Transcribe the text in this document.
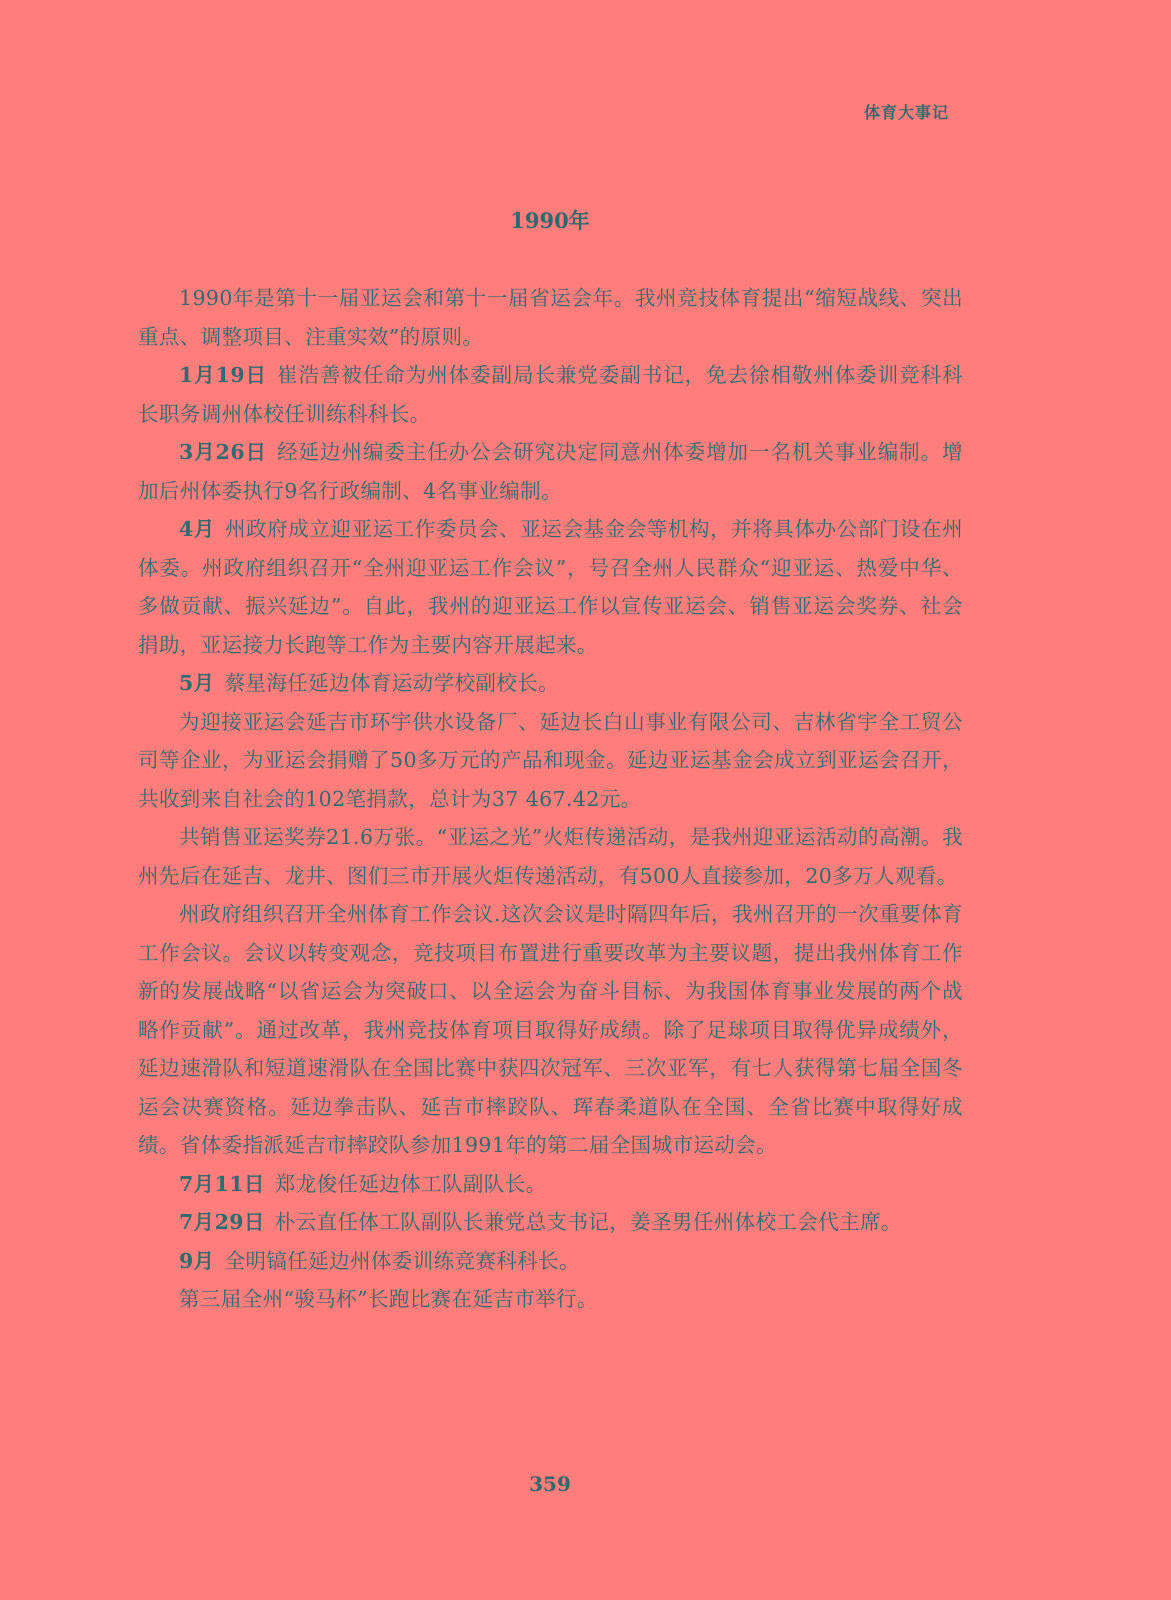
体育大事记
1990年

1990年是第十一届亚运会和第十一届省运会年。我州竞技体育提出“缩短战线、突出重点、调整项目、注重实效”的原则。

1月19日 崔浩善被任命为州体委副局长兼党委副书记，免去徐相敬州体委训竞科科长职务调州体校任训练科科长。

3月26日 经延边州编委主任办公会研究决定同意州体委增加一名机关事业编制。增加后州体委执行9名行政编制、4名事业编制。

4月 州政府成立迎亚运工作委员会、亚运会基金会等机构，并将具体办公部门设在州体委。州政府组织召开“全州迎亚运工作会议”，号召全州人民群众“迎亚运、热爱中华、多做贡献、振兴延边”。自此，我州的迎亚运工作以宣传亚运会、销售亚运会奖券、社会捐助，亚运接力长跑等工作为主要内容开展起来。

5月 蔡星海任延边体育运动学校副校长。

为迎接亚运会延吉市环宇供水设备厂、延边长白山事业有限公司、吉林省宇全工贸公司等企业，为亚运会捐赠了50多万元的产品和现金。延边亚运基金会成立到亚运会召开，共收到来自社会的102笔捐款，总计为37 467.42元。

共销售亚运奖券21.6万张。“亚运之光”火炬传递活动，是我州迎亚运活动的高潮。我州先后在延吉、龙井、图们三市开展火炬传递活动，有500人直接参加，20多万人观看。

州政府组织召开全州体育工作会议.这次会议是时隔四年后，我州召开的一次重要体育工作会议。会议以转变观念，竞技项目布置进行重要改革为主要议题，提出我州体育工作新的发展战略“以省运会为突破口、以全运会为奋斗目标、为我国体育事业发展的两个战略作贡献”。通过改革，我州竞技体育项目取得好成绩。除了足球项目取得优异成绩外，延边速滑队和短道速滑队在全国比赛中获四次冠军、三次亚军，有七人获得第七届全国冬运会决赛资格。延边拳击队、延吉市摔跤队、珲春柔道队在全国、全省比赛中取得好成绩。省体委指派延吉市摔跤队参加1991年的第二届全国城市运动会。

7月11日 郑龙俊任延边体工队副队长。

7月29日 朴云直任体工队副队长兼党总支书记，姜圣男任州体校工会代主席。

9月 全明镐任延边州体委训练竞赛科科长。

第三届全州“骏马杯”长跑比赛在延吉市举行。

359
